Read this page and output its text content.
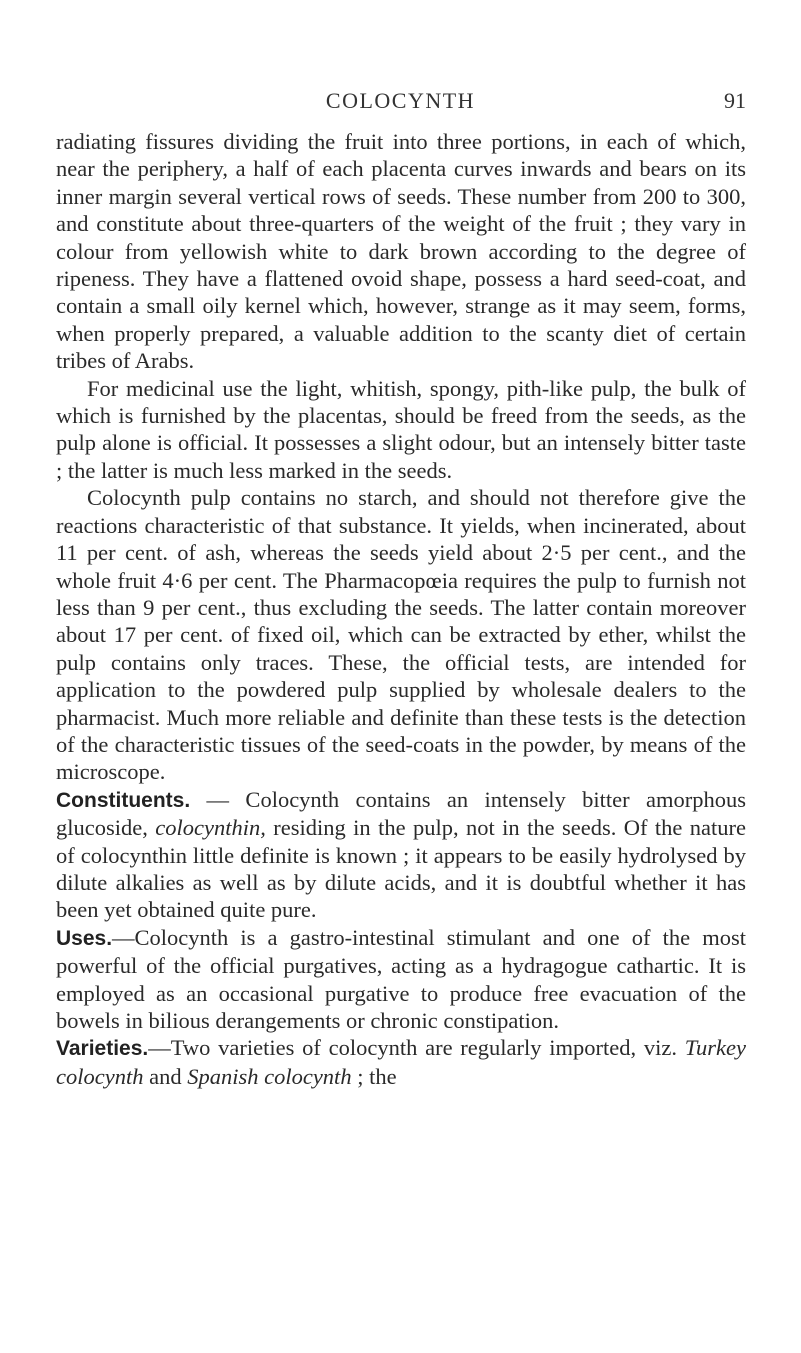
COLOCYNTH	91

radiating fissures dividing the fruit into three portions, in each of which, near the periphery, a half of each placenta curves inwards and bears on its inner margin several vertical rows of seeds. These number from 200 to 300, and constitute about three-quarters of the weight of the fruit ; they vary in colour from yellowish white to dark brown according to the degree of ripeness. They have a flattened ovoid shape, possess a hard seed-coat, and contain a small oily kernel which, however, strange as it may seem, forms, when properly prepared, a valuable addition to the scanty diet of certain tribes of Arabs.

For medicinal use the light, whitish, spongy, pith-like pulp, the bulk of which is furnished by the placentas, should be freed from the seeds, as the pulp alone is official. It possesses a slight odour, but an intensely bitter taste ; the latter is much less marked in the seeds.

Colocynth pulp contains no starch, and should not therefore give the reactions characteristic of that substance. It yields, when incinerated, about 11 per cent. of ash, whereas the seeds yield about 2·5 per cent., and the whole fruit 4·6 per cent. The Pharmacopœia requires the pulp to furnish not less than 9 per cent., thus excluding the seeds. The latter contain moreover about 17 per cent. of fixed oil, which can be extracted by ether, whilst the pulp contains only traces. These, the official tests, are intended for application to the powdered pulp supplied by wholesale dealers to the pharmacist. Much more reliable and definite than these tests is the detection of the characteristic tissues of the seed-coats in the powder, by means of the microscope.

Constituents. — Colocynth contains an intensely bitter amorphous glucoside, colocynthin, residing in the pulp, not in the seeds. Of the nature of colocynthin little definite is known ; it appears to be easily hydrolysed by dilute alkalies as well as by dilute acids, and it is doubtful whether it has been yet obtained quite pure.

Uses.—Colocynth is a gastro-intestinal stimulant and one of the most powerful of the official purgatives, acting as a hydragogue cathartic. It is employed as an occasional purgative to produce free evacuation of the bowels in bilious derangements or chronic constipation.

Varieties.—Two varieties of colocynth are regularly imported, viz. Turkey colocynth and Spanish colocynth ; the
